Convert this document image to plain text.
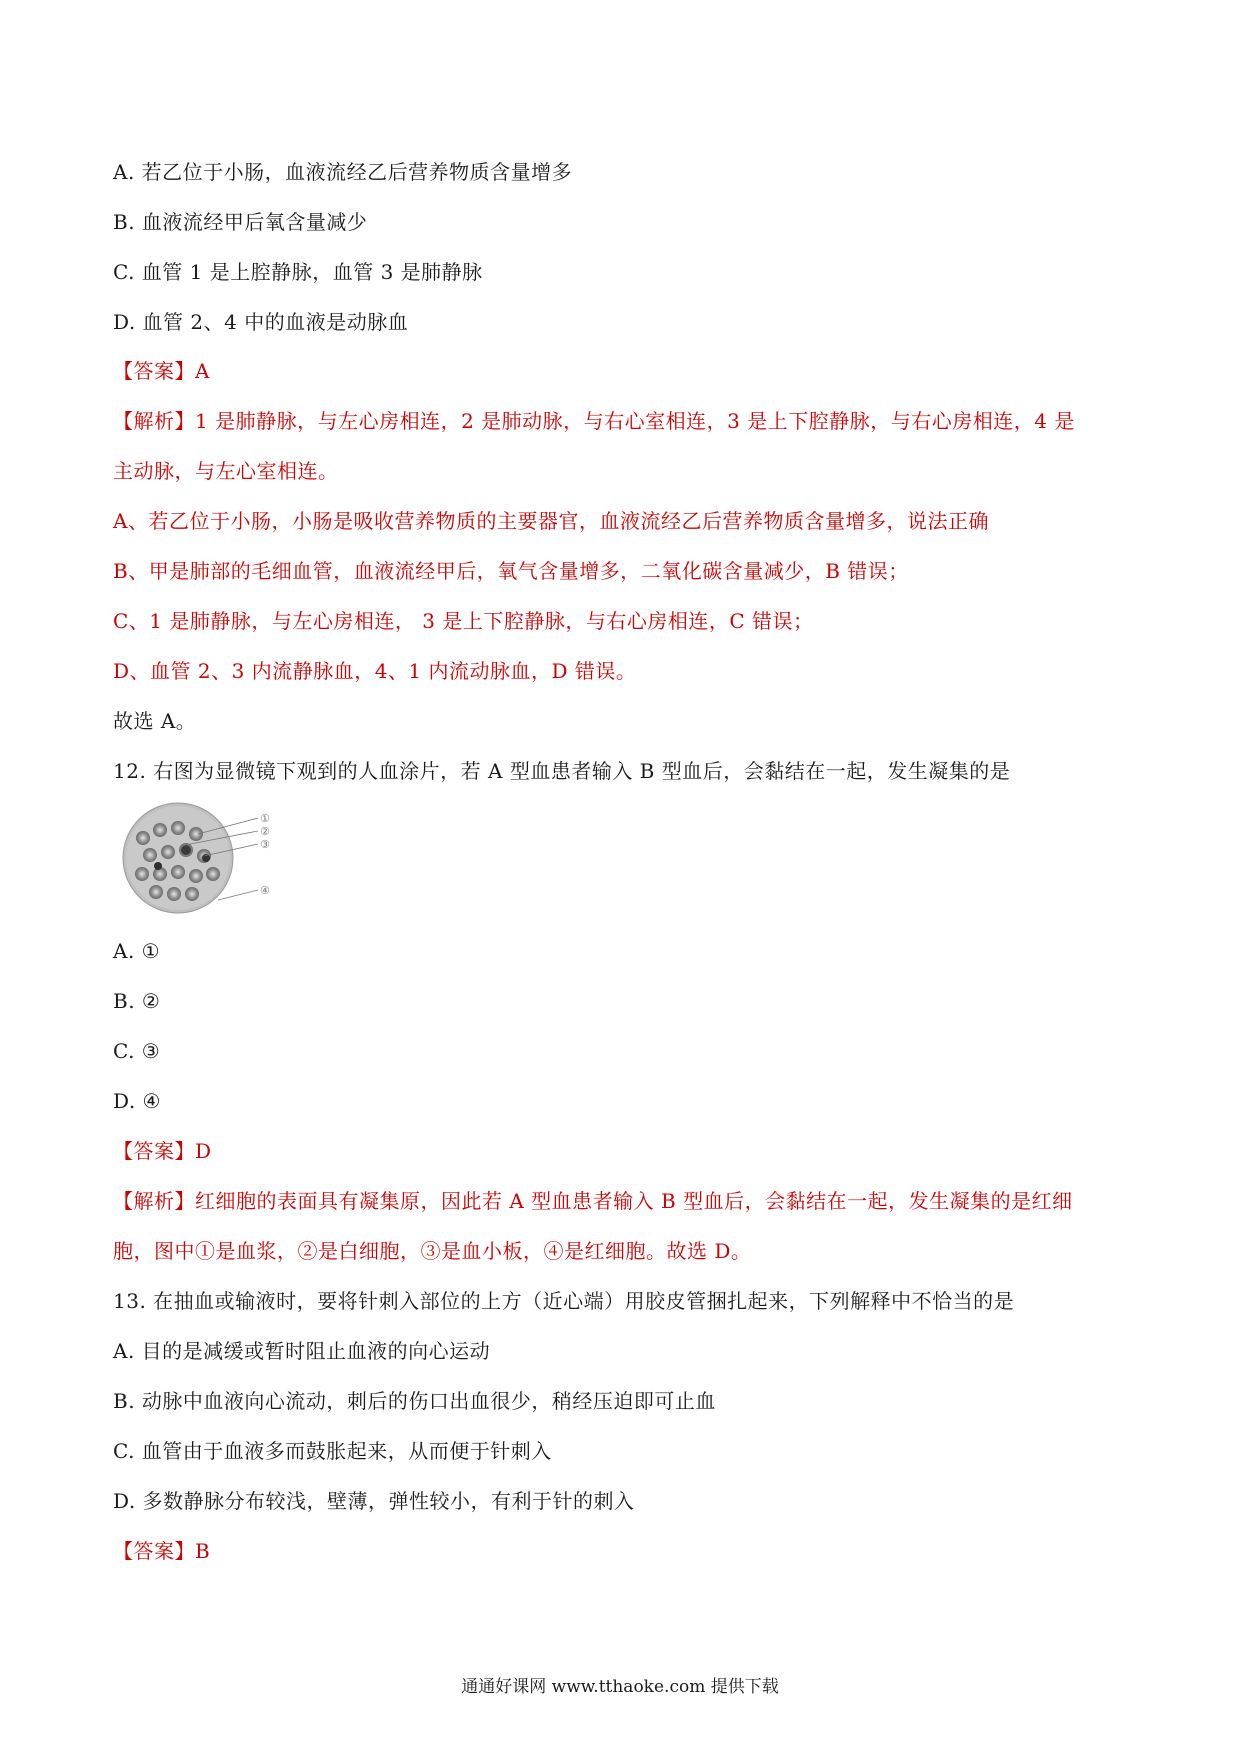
A. 若乙位于小肠，血液流经乙后营养物质含量增多
B. 血液流经甲后氧含量减少
C. 血管 1 是上腔静脉，血管 3 是肺静脉
D. 血管 2、4 中的血液是动脉血
【答案】A
【解析】1 是肺静脉，与左心房相连，2 是肺动脉，与右心室相连，3 是上下腔静脉，与右心房相连，4 是
主动脉，与左心室相连。
A、若乙位于小肠，小肠是吸收营养物质的主要器官，血液流经乙后营养物质含量增多，说法正确
B、甲是肺部的毛细血管，血液流经甲后，氧气含量增多，二氧化碳含量减少，B 错误；
C、1 是肺静脉，与左心房相连， 3 是上下腔静脉，与右心房相连，C 错误；
D、血管 2、3 内流静脉血，4、1 内流动脉血，D 错误。
故选 A。
12. 右图为显微镜下观到的人血涂片，若 A 型血患者输入 B 型血后，会黏结在一起，发生凝集的是
①
②
③
④
A. ①
B. ②
C. ③
D. ④
【答案】D
【解析】红细胞的表面具有凝集原，因此若 A 型血患者输入 B 型血后，会黏结在一起，发生凝集的是红细
胞，图中①是血浆，②是白细胞，③是血小板，④是红细胞。故选 D。
13. 在抽血或输液时，要将针刺入部位的上方（近心端）用胶皮管捆扎起来，下列解释中不恰当的是
A. 目的是减缓或暂时阻止血液的向心运动
B. 动脉中血液向心流动，刺后的伤口出血很少，稍经压迫即可止血
C. 血管由于血液多而鼓胀起来，从而便于针刺入
D. 多数静脉分布较浅，壁薄，弹性较小，有利于针的刺入
【答案】B
通通好课网 www.tthaoke.com 提供下载
